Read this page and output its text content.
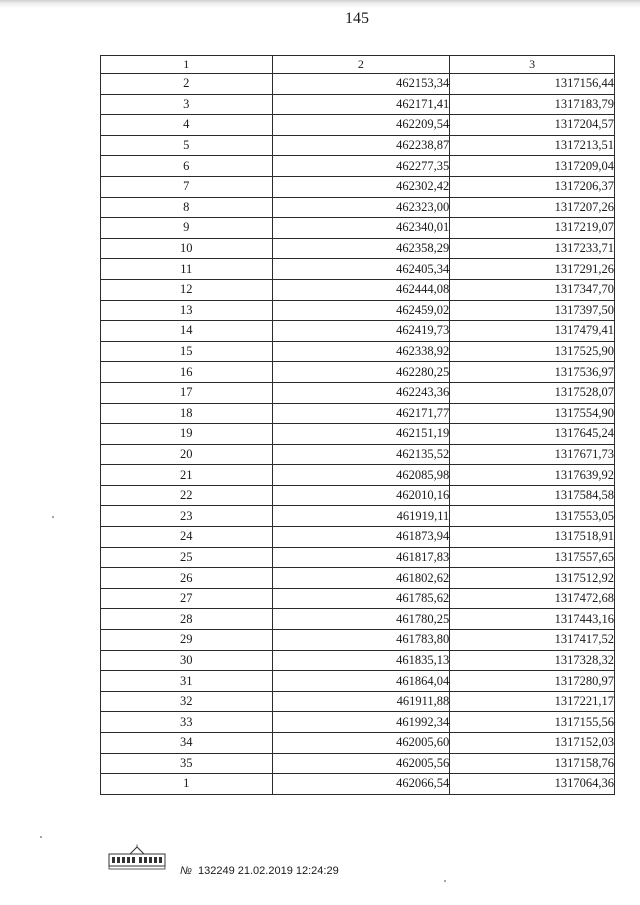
145
1	2	3
2	462153,34	1317156,44
3	462171,41	1317183,79
4	462209,54	1317204,57
5	462238,87	1317213,51
6	462277,35	1317209,04
7	462302,42	1317206,37
8	462323,00	1317207,26
9	462340,01	1317219,07
10	462358,29	1317233,71
11	462405,34	1317291,26
12	462444,08	1317347,70
13	462459,02	1317397,50
14	462419,73	1317479,41
15	462338,92	1317525,90
16	462280,25	1317536,97
17	462243,36	1317528,07
18	462171,77	1317554,90
19	462151,19	1317645,24
20	462135,52	1317671,73
21	462085,98	1317639,92
22	462010,16	1317584,58
23	461919,11	1317553,05
24	461873,94	1317518,91
25	461817,83	1317557,65
26	461802,62	1317512,92
27	461785,62	1317472,68
28	461780,25	1317443,16
29	461783,80	1317417,52
30	461835,13	1317328,32
31	461864,04	1317280,97
32	461911,88	1317221,17
33	461992,34	1317155,56
34	462005,60	1317152,03
35	462005,56	1317158,76
1	462066,54	1317064,36
№ 132249 21.02.2019 12:24:29
